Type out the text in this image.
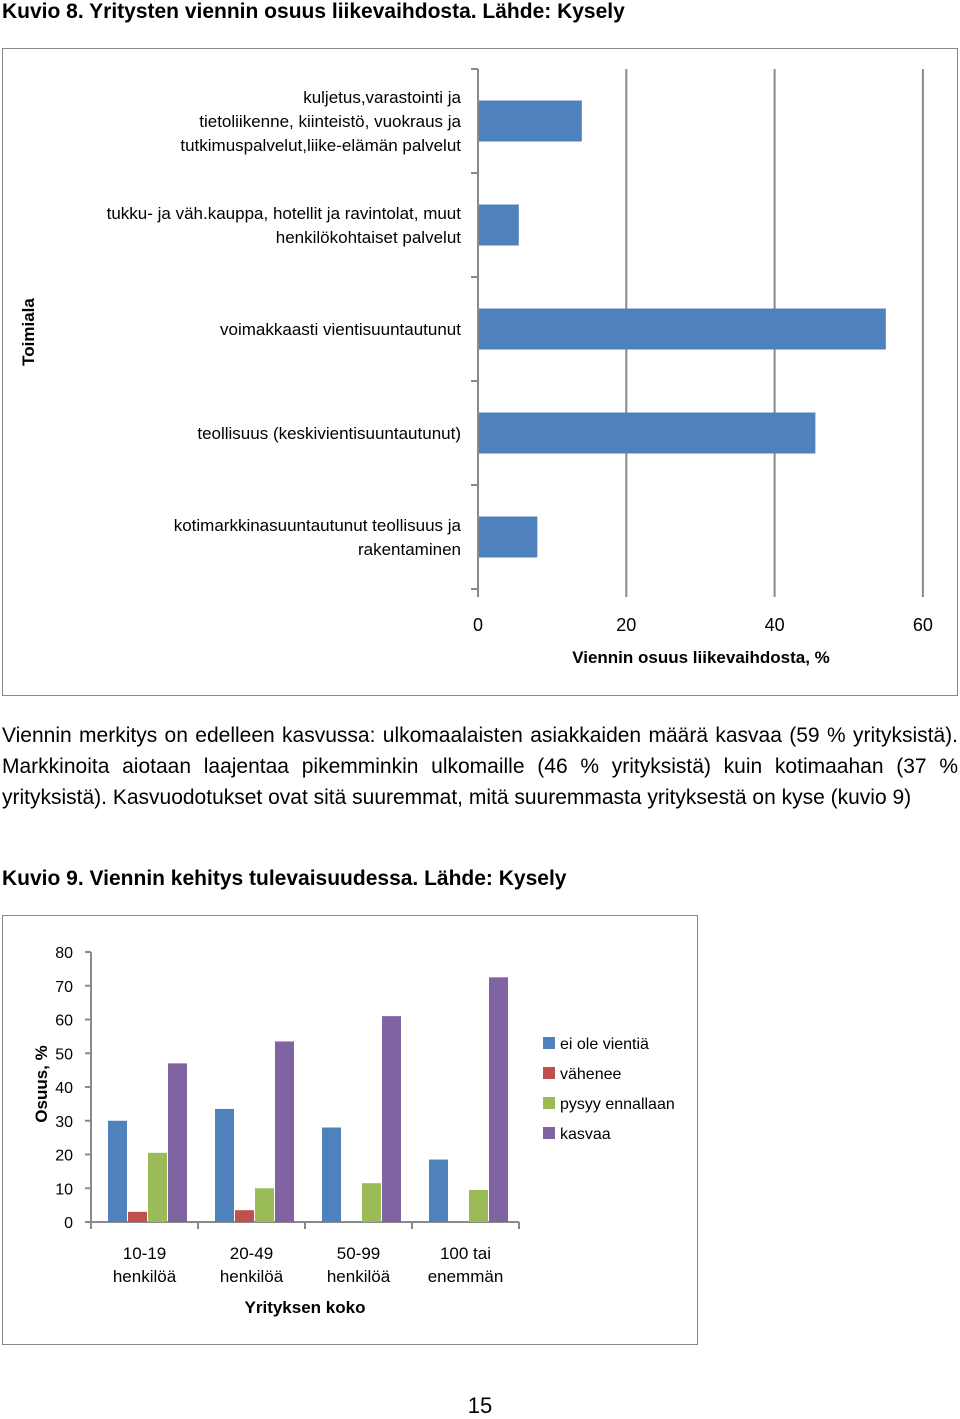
Kuvio 8. Yritysten viennin osuus liikevaihdosta. Lähde: Kysely
0	20	40	60
kuljetus,varastointi ja
tietoliikenne, kiinteistö, vuokraus ja
tutkimuspalvelut,liike-elämän palvelut
tukku- ja väh.kauppa, hotellit ja ravintolat, muut
henkilökohtaiset palvelut
voimakkaasti vientisuuntautunut
teollisuus (keskivientisuuntautunut)
kotimarkkinasuuntautunut teollisuus ja
rakentaminen
Viennin osuus liikevaihdosta, %
Toimiala
Viennin merkitys on edelleen kasvussa: ulkomaalaisten asiakkaiden määrä kasvaa (59 % yrityksistä). Markkinoita aiotaan laajentaa pikemminkin ulkomaille (46 % yrityksistä) kuin kotimaahan (37 % yrityksistä). Kasvuodotukset ovat sitä suuremmat, mitä suuremmasta yrityksestä on kyse (kuvio 9)
Kuvio 9. Viennin kehitys tulevaisuudessa. Lähde: Kysely
0
10
20
30
40
50
60
70
80
10-19
henkilöä
20-49
henkilöä
50-99
henkilöä
100 tai
enemmän
Yrityksen koko
Osuus, %
ei ole vientiä
vähenee
pysyy ennallaan
kasvaa
15
